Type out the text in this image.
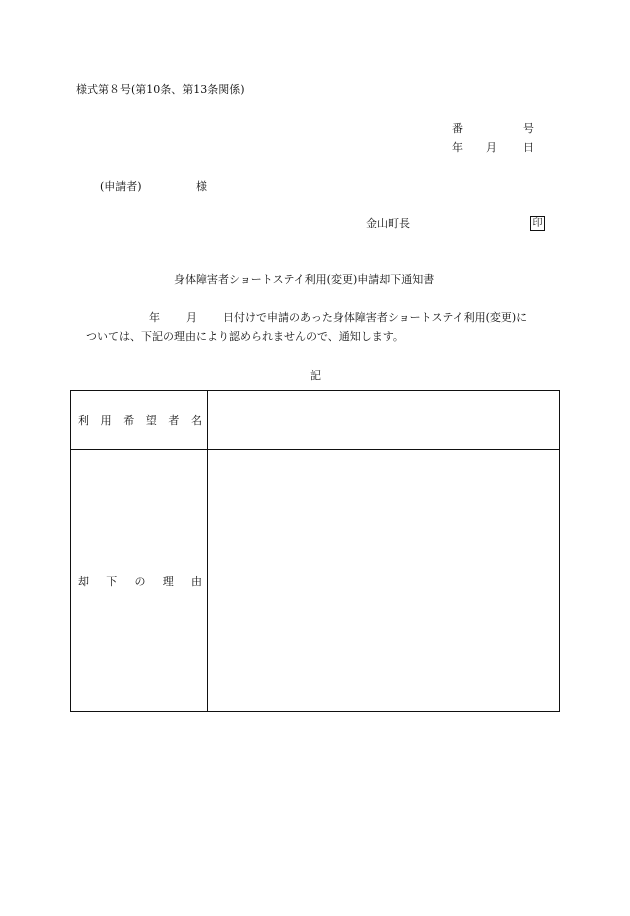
様式第８号(第10条、第13条関係)
番	号
年 月 日
(申請者)	様
金山町長	印
身体障害者ショートステイ利用(変更)申請却下通知書
年 月 日付けで申請のあった身体障害者ショートステイ利用(変更)に
ついては、下記の理由により認められませんので、通知します。
記
利 用 希 望 者 名
却 下 の 理 由
